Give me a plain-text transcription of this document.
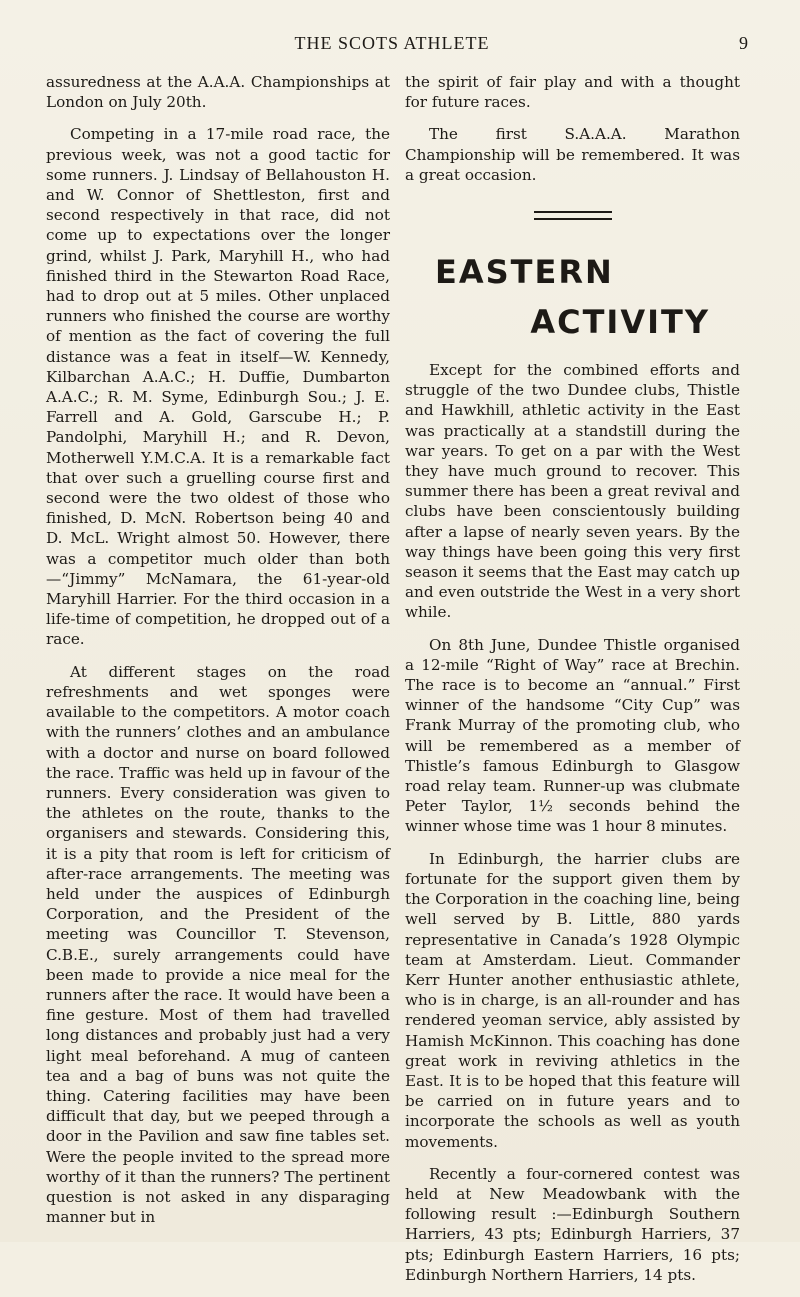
THE SCOTS ATHLETE	9

assuredness at the A.A.A. Championships at London on July 20th.

Competing in a 17-mile road race, the previous week, was not a good tactic for some runners. J. Lindsay of Bellahouston H. and W. Connor of Shettleston, first and second respectively in that race, did not come up to expectations over the longer grind, whilst J. Park, Maryhill H., who had finished third in the Stewarton Road Race, had to drop out at 5 miles. Other unplaced runners who finished the course are worthy of mention as the fact of covering the full distance was a feat in itself—W. Kennedy, Kilbarchan A.A.C.; H. Duffie, Dumbarton A.A.C.; R. M. Syme, Edinburgh Sou.; J. E. Farrell and A. Gold, Garscube H.; P. Pandolphi, Maryhill H.; and R. Devon, Motherwell Y.M.C.A. It is a remarkable fact that over such a gruelling course first and second were the two oldest of those who finished, D. McN. Robertson being 40 and D. McL. Wright almost 50. However, there was a competitor much older than both—“Jimmy” McNamara, the 61-year-old Maryhill Harrier. For the third occasion in a life-time of competition, he dropped out of a race.

At different stages on the road refreshments and wet sponges were available to the competitors. A motor coach with the runners’ clothes and an ambulance with a doctor and nurse on board followed the race. Traffic was held up in favour of the runners. Every consideration was given to the athletes on the route, thanks to the organisers and stewards. Considering this, it is a pity that room is left for criticism of after-race arrangements. The meeting was held under the auspices of Edinburgh Corporation, and the President of the meeting was Councillor T. Stevenson, C.B.E., surely arrangements could have been made to provide a nice meal for the runners after the race. It would have been a fine gesture. Most of them had travelled long distances and probably just had a very light meal beforehand. A mug of canteen tea and a bag of buns was not quite the thing. Catering facilities may have been difficult that day, but we peeped through a door in the Pavilion and saw fine tables set. Were the people invited to the spread more worthy of it than the runners? The pertinent question is not asked in any disparaging manner but in

the spirit of fair play and with a thought for future races.

The first S.A.A.A. Marathon Championship will be remembered. It was a great occasion.

EASTERN
ACTIVITY

Except for the combined efforts and struggle of the two Dundee clubs, Thistle and Hawkhill, athletic activity in the East was practically at a standstill during the war years. To get on a par with the West they have much ground to recover. This summer there has been a great revival and clubs have been conscientously building after a lapse of nearly seven years. By the way things have been going this very first season it seems that the East may catch up and even outstride the West in a very short while.

On 8th June, Dundee Thistle organised a 12-mile “Right of Way” race at Brechin. The race is to become an “annual.” First winner of the handsome “City Cup” was Frank Murray of the promoting club, who will be remembered as a member of Thistle’s famous Edinburgh to Glasgow road relay team. Runner-up was clubmate Peter Taylor, 1½ seconds behind the winner whose time was 1 hour 8 minutes.

In Edinburgh, the harrier clubs are fortunate for the support given them by the Corporation in the coaching line, being well served by B. Little, 880 yards representative in Canada’s 1928 Olympic team at Amsterdam. Lieut. Commander Kerr Hunter another enthusiastic athlete, who is in charge, is an all-rounder and has rendered yeoman service, ably assisted by Hamish McKinnon. This coaching has done great work in reviving athletics in the East. It is to be hoped that this feature will be carried on in future years and to incorporate the schools as well as youth movements.

Recently a four-cornered contest was held at New Meadowbank with the following result :—Edinburgh Southern Harriers, 43 pts; Edinburgh Harriers, 37 pts; Edinburgh Eastern Harriers, 16 pts; Edinburgh Northern Harriers, 14 pts.
